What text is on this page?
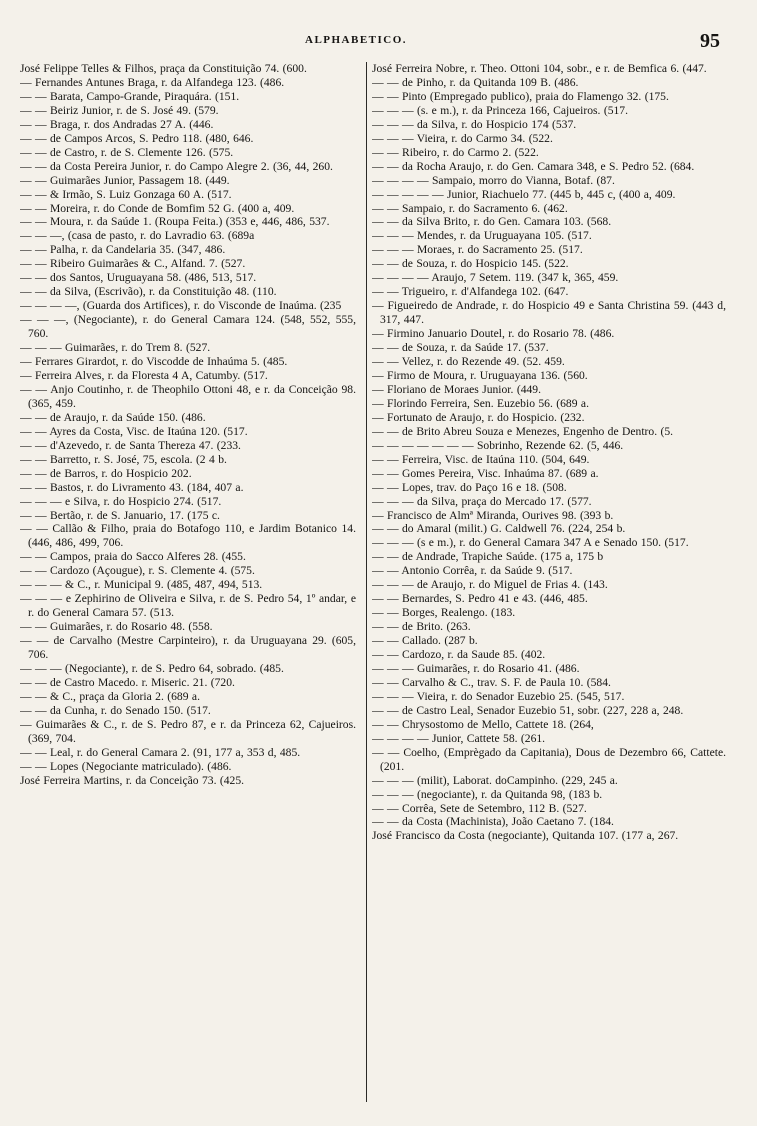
ALPHABETICO.	95
José Felippe Telles & Filhos, praça da Constituição 74. (600.
— Fernandes Antunes Braga, r. da Alfandega 123. (486.
— — Barata, Campo-Grande, Piraquára. (151.
— — Beiriz Junior, r. de S. José 49. (579.
— — Braga, r. dos Andradas 27 A. (446.
— — de Campos Arcos, S. Pedro 118. (480, 646.
— — de Castro, r. de S. Clemente 126. (575.
— — da Costa Pereira Junior, r. do Campo Alegre 2. (36, 44, 260.
— — Guimarães Junior, Passagem 18. (449.
— — & Irmão, S. Luiz Gonzaga 60 A. (517.
— — Moreira, r. do Conde de Bomfim 52 G. (400 a, 409.
— — Moura, r. da Saúde 1. (Roupa Feita.) (353 e, 446, 486, 537.
— — —, (casa de pasto, r. do Lavradio 63. (689a
— — Palha, r. da Candelaria 35. (347, 486.
— — Ribeiro Guimarães & C., Alfand. 7. (527.
— — dos Santos, Uruguayana 58. (486, 513, 517.
— — da Silva, (Escrivão), r. da Constituição 48. (110.
— — — —, (Guarda dos Artifices), r. do Visconde de Inaúma. (235
— — —, (Negociante), r. do General Camara 124. (548, 552, 555, 760.
— — — Guimarães, r. do Trem 8. (527.
— Ferrares Girardot, r. do Viscodde de Inhaúma 5. (485.
— Ferreira Alves, r. da Floresta 4 A, Catumby. (517.
— — Anjo Coutinho, r. de Theophilo Ottoni 48, e r. da Conceição 98. (365, 459.
— — de Araujo, r. da Saúde 150. (486.
— — Ayres da Costa, Visc. de Itaúna 120. (517.
— — d'Azevedo, r. de Santa Thereza 47. (233.
— — Barretto, r. S. José, 75, escola. (2 4 b.
— — de Barros, r. do Hospicio 202.
— — Bastos, r. do Livramento 43. (184, 407 a.
— — — e Silva, r. do Hospicio 274. (517.
— — Bertão, r. de S. Januario, 17. (175 c.
— — Callão & Filho, praia do Botafogo 110, e Jardim Botanico 14. (446, 486, 499, 706.
— — Campos, praia do Sacco Alferes 28. (455.
— — Cardozo (Açougue), r. S. Clemente 4. (575.
— — — & C., r. Municipal 9. (485, 487, 494, 513.
— — — e Zephirino de Oliveira e Silva, r. de S. Pedro 54, 1º andar, e r. do General Camara 57. (513.
— — Guimarães, r. do Rosario 48. (558.
— — de Carvalho (Mestre Carpinteiro), r. da Uruguayana 29. (605, 706.
— — — (Negociante), r. de S. Pedro 64, sobrado. (485.
— — de Castro Macedo. r. Miseric. 21. (720.
— — & C., praça da Gloria 2. (689 a.
— — da Cunha, r. do Senado 150. (517.
— Guimarães & C., r. de S. Pedro 87, e r. da Princeza 62, Cajueiros. (369, 704.
— — Leal, r. do General Camara 2. (91, 177 a, 353 d, 485.
— — Lopes (Negociante matriculado). (486.
José Ferreira Martins, r. da Conceição 73. (425.
José Ferreira Nobre, r. Theo. Ottoni 104, sobr., e r. de Bemfica 6. (447.
— — de Pinho, r. da Quitanda 109 B. (486.
— — Pinto (Empregado publico), praia do Flamengo 32. (175.
— — — (s. e m.), r. da Princeza 166, Cajueiros. (517.
— — — da Silva, r. do Hospicio 174 (537.
— — — Vieira, r. do Carmo 34. (522.
— — Ribeiro, r. do Carmo 2. (522.
— — da Rocha Araujo, r. do Gen. Camara 348, e S. Pedro 52. (684.
— — — — Sampaio, morro do Vianna, Botaf. (87.
— — — — — Junior, Riachuelo 77. (445 b, 445 c, (400 a, 409.
— — Sampaio, r. do Sacramento 6. (462.
— — da Silva Brito, r. do Gen. Camara 103. (568.
— — — Mendes, r. da Uruguayana 105. (517.
— — — Moraes, r. do Sacramento 25. (517.
— — de Souza, r. do Hospicio 145. (522.
— — — — Araujo, 7 Setem. 119. (347 k, 365, 459.
— — Trigueiro, r. d'Alfandega 102. (647.
— Figueiredo de Andrade, r. do Hospicio 49 e Santa Christina 59. (443 d, 317, 447.
— Firmino Januario Doutel, r. do Rosario 78. (486.
— — de Souza, r. da Saúde 17. (537.
— — Vellez, r. do Rezende 49. (52. 459.
— Firmo de Moura, r. Uruguayana 136. (560.
— Floriano de Moraes Junior. (449.
— Florindo Ferreira, Sen. Euzebio 56. (689 a.
— Fortunato de Araujo, r. do Hospicio. (232.
— — de Brito Abreu Souza e Menezes, Engenho de Dentro. (5.
— — — — — — — Sobrinho, Rezende 62. (5, 446.
— — Ferreira, Visc. de Itaúna 110. (504, 649.
— — Gomes Pereira, Visc. Inhaúma 87. (689 a.
— — Lopes, trav. do Paço 16 e 18. (508.
— — — da Silva, praça do Mercado 17. (577.
— Francisco de Almª Miranda, Ourives 98. (393 b.
— — do Amaral (milit.) G. Caldwell 76. (224, 254 b.
— — — (s e m.), r. do General Camara 347 A e Senado 150. (517.
— — de Andrade, Trapiche Saúde. (175 a, 175 b
— — Antonio Corrêa, r. da Saúde 9. (517.
— — — de Araujo, r. do Miguel de Frias 4. (143.
— — Bernardes, S. Pedro 41 e 43. (446, 485.
— — Borges, Realengo. (183.
— — de Brito. (263.
— — Callado. (287 b.
— — Cardozo, r. da Saude 85. (402.
— — — Guimarães, r. do Rosario 41. (486.
— — Carvalho & C., trav. S. F. de Paula 10. (584.
— — — Vieira, r. do Senador Euzebio 25. (545, 517.
— — de Castro Leal, Senador Euzebio 51, sobr. (227, 228 a, 248.
— — Chrysostomo de Mello, Cattete 18. (264,
— — — — Junior, Cattete 58. (261.
— — Coelho, (Emprègado da Capitania), Dous de Dezembro 66, Cattete. (201.
— — — (milit), Laborat. doCampinho. (229, 245 a.
— — — (negociante), r. da Quitanda 98, (183 b.
— — Corrêa, Sete de Setembro, 112 B. (527.
— — da Costa (Machinista), João Caetano 7. (184.
José Francisco da Costa (negociante), Quitanda 107. (177 a, 267.
